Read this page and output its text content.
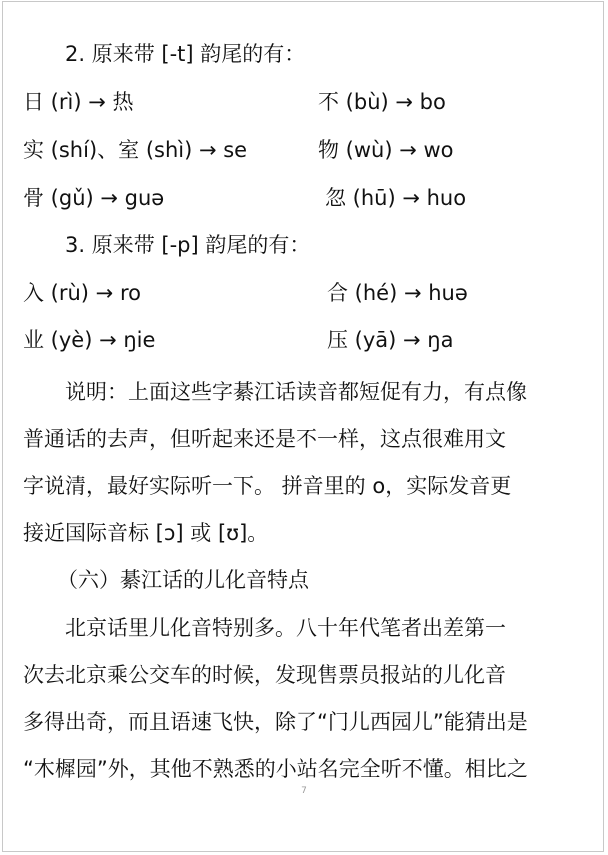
2. 原来带 [-t] 韵尾的有：
日 (rì) → 热	不 (bù) → bo
实 (shí)、室 (shì) → se	物 (wù) → wo
骨 (gǔ) → guə	忽 (hū) → huo
3. 原来带 [-p] 韵尾的有：
入 (rù) → ro	合 (hé) → huə
业 (yè) → ŋie	压 (yā) → ŋa
说明：上面这些字綦江话读音都短促有力，有点像
普通话的去声，但听起来还是不一样，这点很难用文
字说清，最好实际听一下。 拼音里的 o，实际发音更
接近国际音标 [ɔ] 或 [ʊ]。
（六）綦江话的儿化音特点
北京话里儿化音特别多。八十年代笔者出差第一
次去北京乘公交车的时候，发现售票员报站的儿化音
多得出奇，而且语速飞快，除了“门儿西园儿”能猜出是
“木樨园”外，其他不熟悉的小站名完全听不懂。相比之
7
